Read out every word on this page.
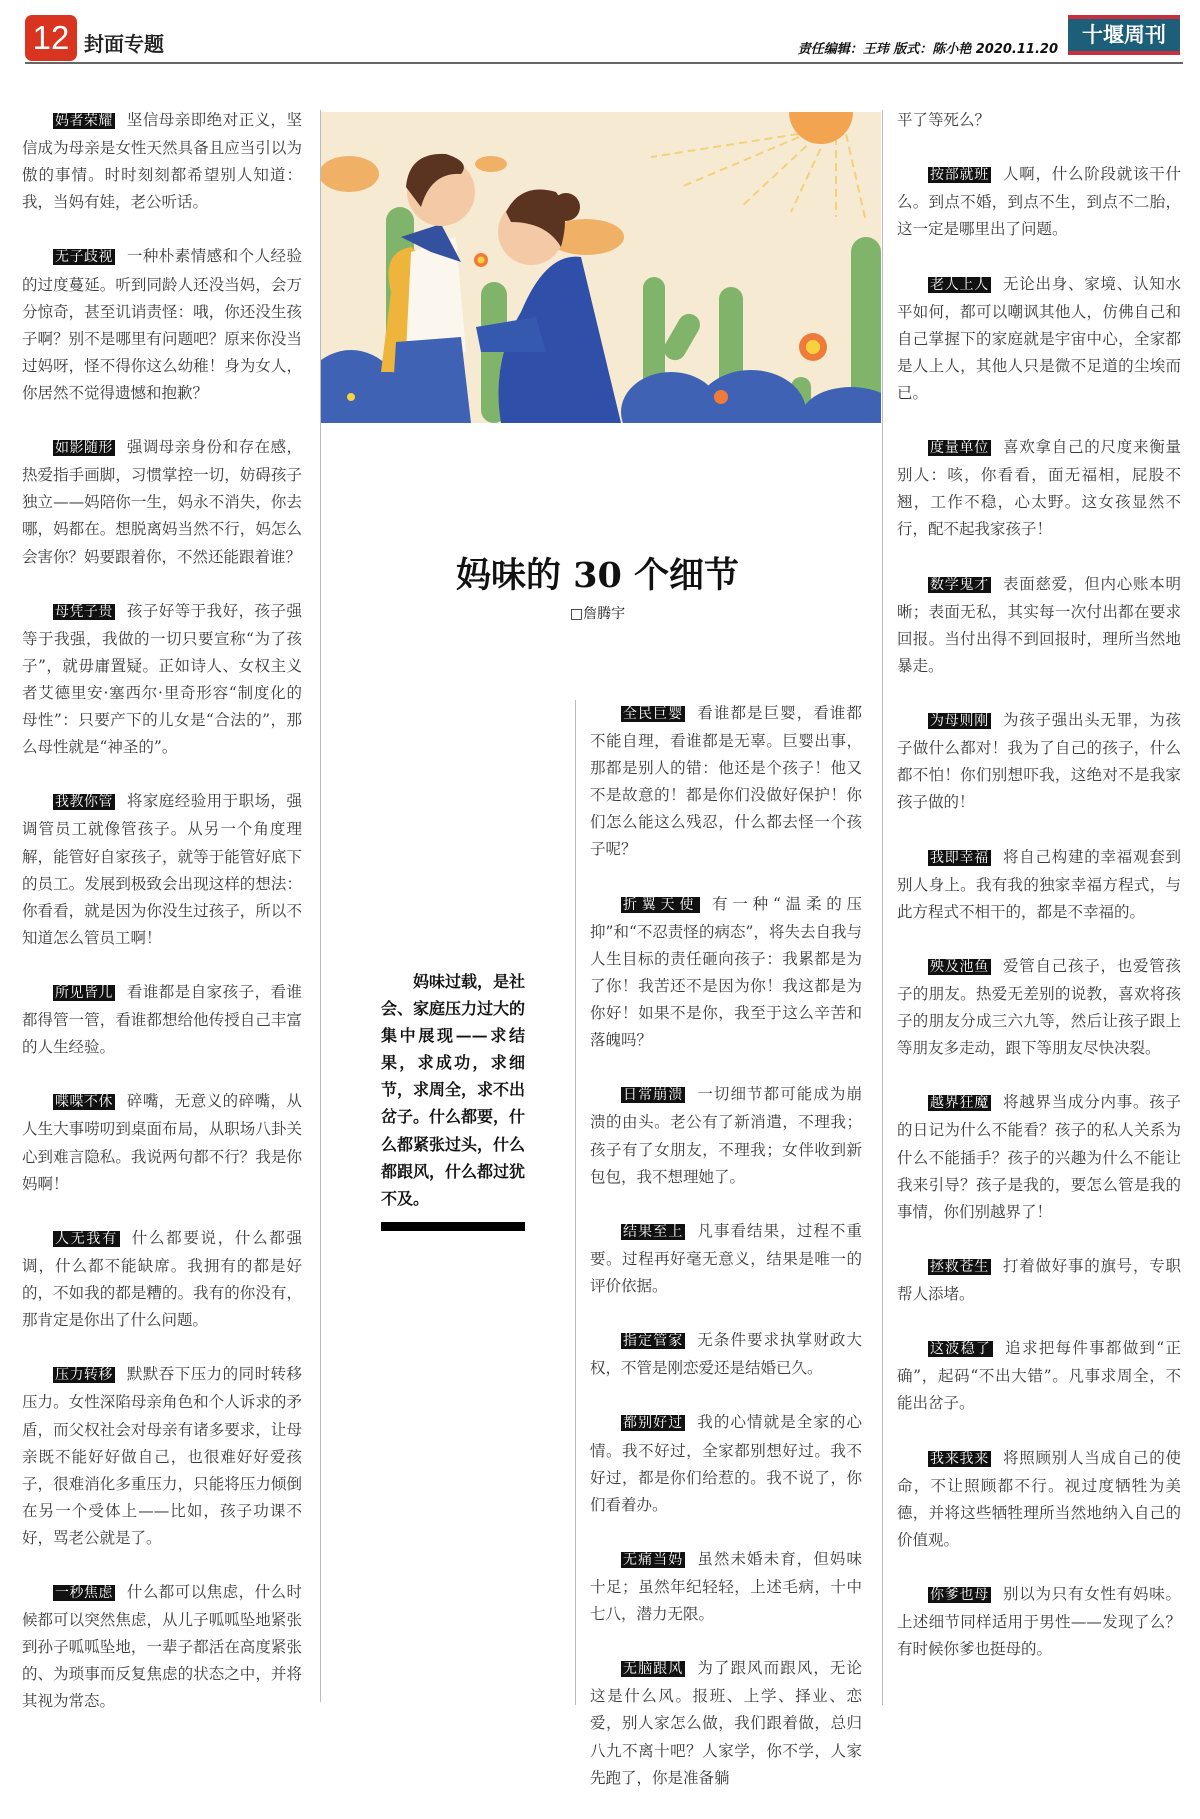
12 封面专题	责任编辑：王玮 版式：陈小艳 2020.11.20
十堰周刊

妈者荣耀 坚信母亲即绝对正义，坚信成为母亲是女性天然具备且应当引以为傲的事情。时时刻刻都希望别人知道：我，当妈有娃，老公听话。

无子歧视 一种朴素情感和个人经验的过度蔓延。听到同龄人还没当妈，会万分惊奇，甚至讥诮责怪：哦，你还没生孩子啊？别不是哪里有问题吧？原来你没当过妈呀，怪不得你这么幼稚！身为女人，你居然不觉得遗憾和抱歉？

如影随形 强调母亲身份和存在感，热爱指手画脚，习惯掌控一切，妨碍孩子独立——妈陪你一生，妈永不消失，你去哪，妈都在。想脱离妈当然不行，妈怎么会害你？妈要跟着你，不然还能跟着谁？

母凭子贵 孩子好等于我好，孩子强等于我强，我做的一切只要宣称“为了孩子”，就毋庸置疑。正如诗人、女权主义者艾德里安·塞西尔·里奇形容“制度化的母性”：只要产下的儿女是“合法的”，那么母性就是“神圣的”。

我教你管 将家庭经验用于职场，强调管员工就像管孩子。从另一个角度理解，能管好自家孩子，就等于能管好底下的员工。发展到极致会出现这样的想法：你看看，就是因为你没生过孩子，所以不知道怎么管员工啊！

所见皆儿 看谁都是自家孩子，看谁都得管一管，看谁都想给他传授自己丰富的人生经验。

喋喋不休 碎嘴，无意义的碎嘴，从人生大事唠叨到桌面布局，从职场八卦关心到难言隐私。我说两句都不行？我是你妈啊！

人无我有 什么都要说，什么都强调，什么都不能缺席。我拥有的都是好的，不如我的都是糟的。我有的你没有，那肯定是你出了什么问题。

压力转移 默默吞下压力的同时转移压力。女性深陷母亲角色和个人诉求的矛盾，而父权社会对母亲有诸多要求，让母亲既不能好好做自己，也很难好好爱孩子，很难消化多重压力，只能将压力倾倒在另一个受体上——比如，孩子功课不好，骂老公就是了。

一秒焦虑 什么都可以焦虑，什么时候都可以突然焦虑，从儿子呱呱坠地紧张到孙子呱呱坠地，一辈子都活在高度紧张的、为琐事而反复焦虑的状态之中，并将其视为常态。

全民巨婴 看谁都是巨婴，看谁都不能自理，看谁都是无辜。巨婴出事，那都是别人的错：他还是个孩子！他又不是故意的！都是你们没做好保护！你们怎么能这么残忍，什么都去怪一个孩子呢？

折翼天使 有一种“温柔的压抑”和“不忍责怪的病态”，将失去自我与人生目标的责任砸向孩子：我累都是为了你！我苦还不是因为你！我这都是为你好！如果不是你，我至于这么辛苦和落魄吗？

日常崩溃 一切细节都可能成为崩溃的由头。老公有了新消遣，不理我；孩子有了女朋友，不理我；女伴收到新包包，我不想理她了。

结果至上 凡事看结果，过程不重要。过程再好毫无意义，结果是唯一的评价依据。

指定管家 无条件要求执掌财政大权，不管是刚恋爱还是结婚已久。

都别好过 我的心情就是全家的心情。我不好过，全家都别想好过。我不好过，都是你们给惹的。我不说了，你们看着办。

无痛当妈 虽然未婚未育，但妈味十足；虽然年纪轻轻，上述毛病，十中七八，潜力无限。

无脑跟风 为了跟风而跟风，无论这是什么风。报班、上学、择业、恋爱，别人家怎么做，我们跟着做，总归八九不离十吧？人家学，你不学，人家先跑了，你是准备躺

平了等死么？

按部就班 人啊，什么阶段就该干什么。到点不婚，到点不生，到点不二胎，这一定是哪里出了问题。

老人上人 无论出身、家境、认知水平如何，都可以嘲讽其他人，仿佛自己和自己掌握下的家庭就是宇宙中心，全家都是人上人，其他人只是微不足道的尘埃而已。

度量单位 喜欢拿自己的尺度来衡量别人：咳，你看看，面无福相，屁股不翘，工作不稳，心太野。这女孩显然不行，配不起我家孩子！

数学鬼才 表面慈爱，但内心账本明晰；表面无私，其实每一次付出都在要求回报。当付出得不到回报时，理所当然地暴走。

为母则刚 为孩子强出头无罪，为孩子做什么都对！我为了自己的孩子，什么都不怕！你们别想吓我，这绝对不是我家孩子做的！

我即幸福 将自己构建的幸福观套到别人身上。我有我的独家幸福方程式，与此方程式不相干的，都是不幸福的。

殃及池鱼 爱管自己孩子，也爱管孩子的朋友。热爱无差别的说教，喜欢将孩子的朋友分成三六九等，然后让孩子跟上等朋友多走动，跟下等朋友尽快决裂。

越界狂魔 将越界当成分内事。孩子的日记为什么不能看？孩子的私人关系为什么不能插手？孩子的兴趣为什么不能让我来引导？孩子是我的，要怎么管是我的事情，你们别越界了！

拯救苍生 打着做好事的旗号，专职帮人添堵。

这波稳了 追求把每件事都做到“正确”，起码“不出大错”。凡事求周全，不能出岔子。

我来我来 将照顾别人当成自己的使命，不让照顾都不行。视过度牺牲为美德，并将这些牺牲理所当然地纳入自己的价值观。

你爹也母 别以为只有女性有妈味。上述细节同样适用于男性——发现了么？有时候你爹也挺母的。

妈味的 30 个细节
□詹腾宇
妈味过载，是社会、家庭压力过大的集中展现——求结果，求成功，求细节，求周全，求不出岔子。什么都要，什么都紧张过头，什么都跟风，什么都过犹不及。
